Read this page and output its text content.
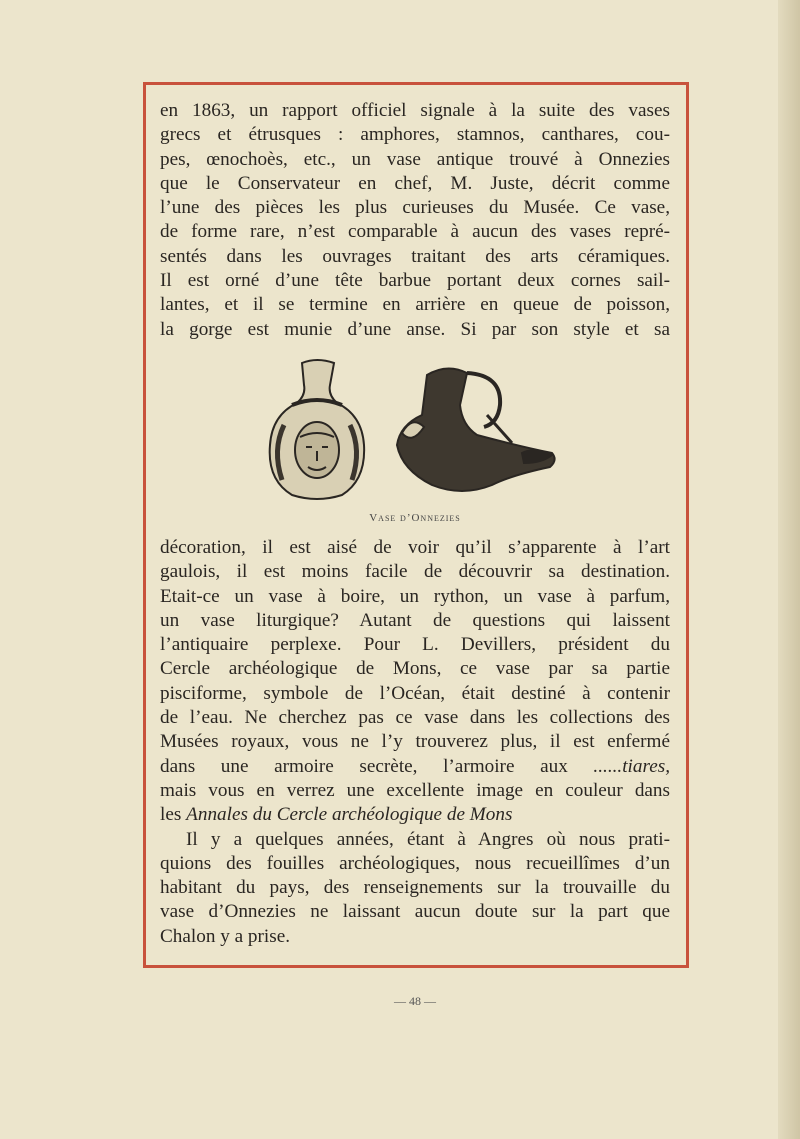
en 1863, un rapport officiel signale à la suite des vases
grecs et étrusques : amphores, stamnos, canthares, cou-
pes, œnochoès, etc., un vase antique trouvé à Onnezies
que le Conservateur en chef, M. Juste, décrit comme
l’une des pièces les plus curieuses du Musée. Ce vase,
de forme rare, n’est comparable à aucun des vases repré-
sentés dans les ouvrages traitant des arts céramiques.
Il est orné d’une tête barbue portant deux cornes sail-
lantes, et il se termine en arrière en queue de poisson,
la gorge est munie d’une anse. Si par son style et sa
Vase d’Onnezies
décoration, il est aisé de voir qu’il s’apparente à l’art
gaulois, il est moins facile de découvrir sa destination.
Etait-ce un vase à boire, un rython, un vase à parfum,
un vase liturgique? Autant de questions qui laissent
l’antiquaire perplexe. Pour L. Devillers, président du
Cercle archéologique de Mons, ce vase par sa partie
pisciforme, symbole de l’Océan, était destiné à contenir
de l’eau. Ne cherchez pas ce vase dans les collections des
Musées royaux, vous ne l’y trouverez plus, il est enfermé
dans une armoire secrète, l’armoire aux ......tiares,
mais vous en verrez une excellente image en couleur dans
les Annales du Cercle archéologique de Mons
Il y a quelques années, étant à Angres où nous prati-
quions des fouilles archéologiques, nous recueillîmes d’un
habitant du pays, des renseignements sur la trouvaille du
vase d’Onnezies ne laissant aucun doute sur la part que
Chalon y a prise.
— 48 —
